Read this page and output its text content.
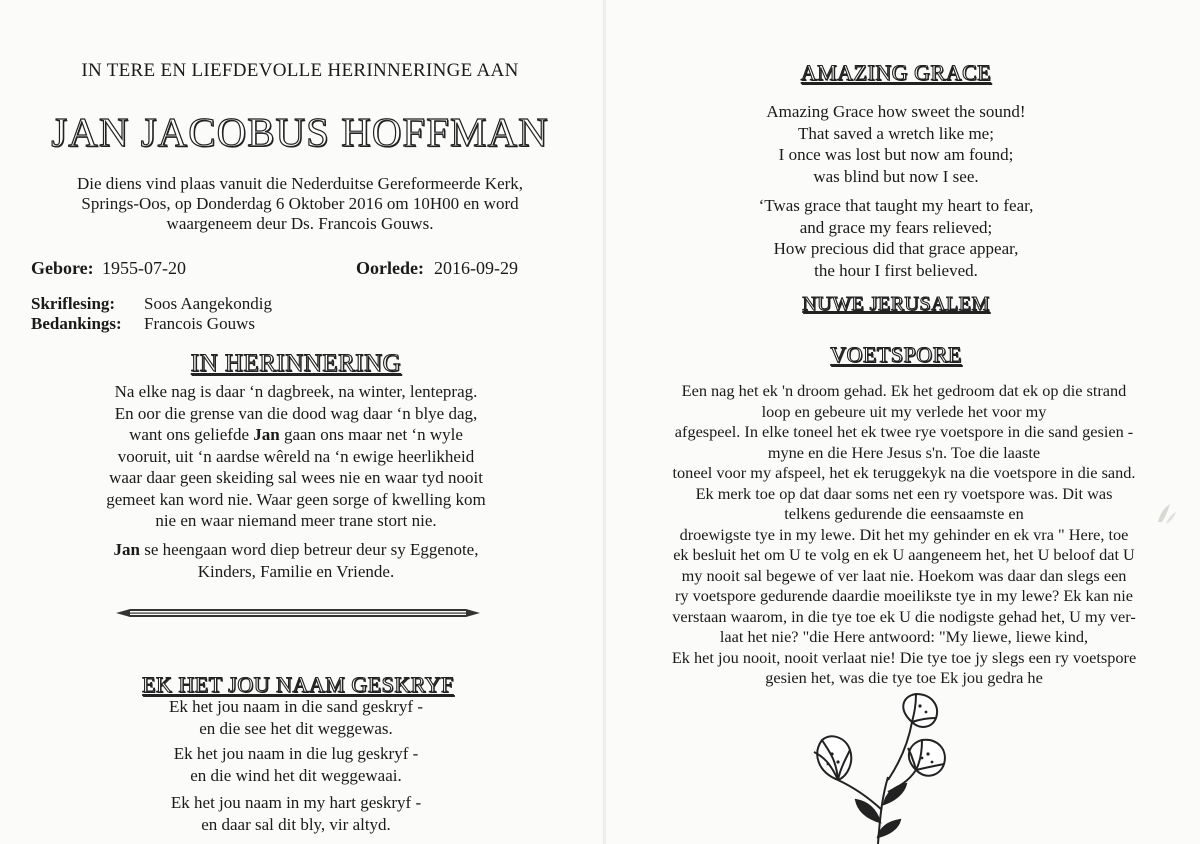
IN TERE EN LIEFDEVOLLE HERINNERINGE AAN
JAN JACOBUS HOFFMAN
Die diens vind plaas vanuit die Nederduitse Gereformeerde Kerk,
Springs-Oos, op Donderdag 6 Oktober 2016 om 10H00 en word
waargeneem deur Ds. Francois Gouws.
Gebore: 1955-07-20	Oorlede: 2016-09-29
Skriflesing: Soos Aangekondig
Bedankings: Francois Gouws
IN HERINNERING
Na elke nag is daar ‘n dagbreek, na winter, lenteprag.
En oor die grense van die dood wag daar ‘n blye dag,
want ons geliefde Jan gaan ons maar net ‘n wyle
vooruit, uit ‘n aardse wêreld na ‘n ewige heerlikheid
waar daar geen skeiding sal wees nie en waar tyd nooit
gemeet kan word nie. Waar geen sorge of kwelling kom
nie en waar niemand meer trane stort nie.
Jan se heengaan word diep betreur deur sy Eggenote,
Kinders, Familie en Vriende.
EK HET JOU NAAM GESKRYF
Ek het jou naam in die sand geskryf -
en die see het dit weggewas.
Ek het jou naam in die lug geskryf -
en die wind het dit weggewaai.
Ek het jou naam in my hart geskryf -
en daar sal dit bly, vir altyd.
AMAZING GRACE
Amazing Grace how sweet the sound!
That saved a wretch like me;
I once was lost but now am found;
was blind but now I see.
‘Twas grace that taught my heart to fear,
and grace my fears relieved;
How precious did that grace appear,
the hour I first believed.
NUWE JERUSALEM
VOETSPORE
Een nag het ek 'n droom gehad. Ek het gedroom dat ek op die strand
loop en gebeure uit my verlede het voor my
afgespeel. In elke toneel het ek twee rye voetspore in die sand gesien -
myne en die Here Jesus s'n. Toe die laaste
toneel voor my afspeel, het ek teruggekyk na die voetspore in die sand.
Ek merk toe op dat daar soms net een ry voetspore was. Dit was
telkens gedurende die eensaamste en
droewigste tye in my lewe. Dit het my gehinder en ek vra " Here, toe
ek besluit het om U te volg en ek U aangeneem het, het U beloof dat U
my nooit sal begewe of ver laat nie. Hoekom was daar dan slegs een
ry voetspore gedurende daardie moeilikste tye in my lewe? Ek kan nie
verstaan waarom, in die tye toe ek U die nodigste gehad het, U my ver-
laat het nie? "die Here antwoord: "My liewe, liewe kind,
Ek het jou nooit, nooit verlaat nie! Die tye toe jy slegs een ry voetspore
gesien het, was die tye toe Ek jou gedra he
